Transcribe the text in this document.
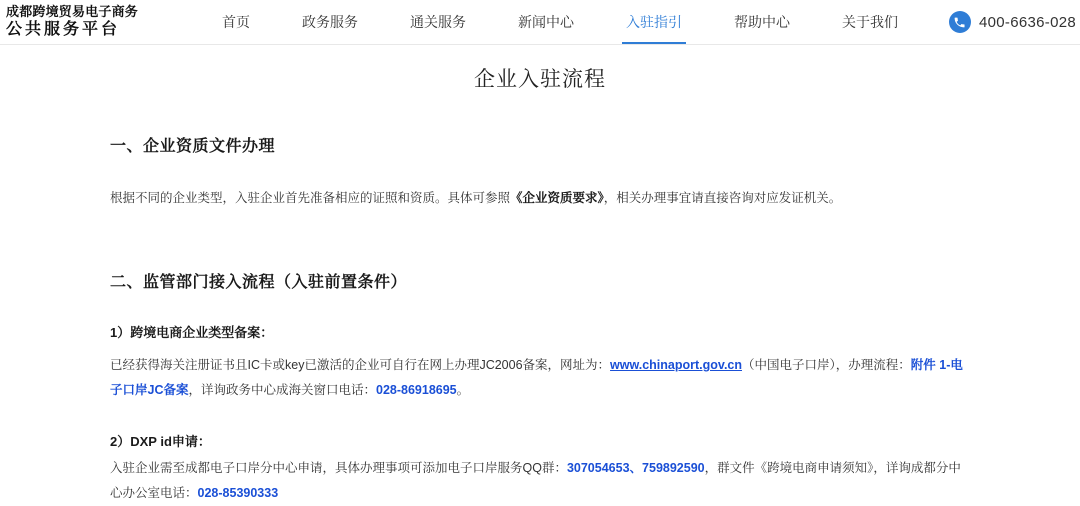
成都跨境贸易电子商务
公共服务平台	首页	政务服务	通关服务	新闻中心	入驻指引	帮助中心	关于我们	400-6636-028
企业入驻流程
一、企业资质文件办理

根据不同的企业类型，入驻企业首先准备相应的证照和资质。具体可参照《企业资质要求》，相关办理事宜请直接咨询对应发证机关。

二、监管部门接入流程（入驻前置条件）
1）跨境电商企业类型备案：

已经获得海关注册证书且IC卡或key已激活的企业可自行在网上办理JC2006备案，网址为：www.chinaport.gov.cn（中国电子口岸），办理流程：附件 1-电子口岸JC备案，详询政务中心成海关窗口电话：028-86918695。

2）DXP id申请：

入驻企业需至成都电子口岸分中心申请，具体办理事项可添加电子口岸服务QQ群：307054653、759892590，群文件《跨境电商申请须知》，详询成都分中心办公室电话：028-85390333
